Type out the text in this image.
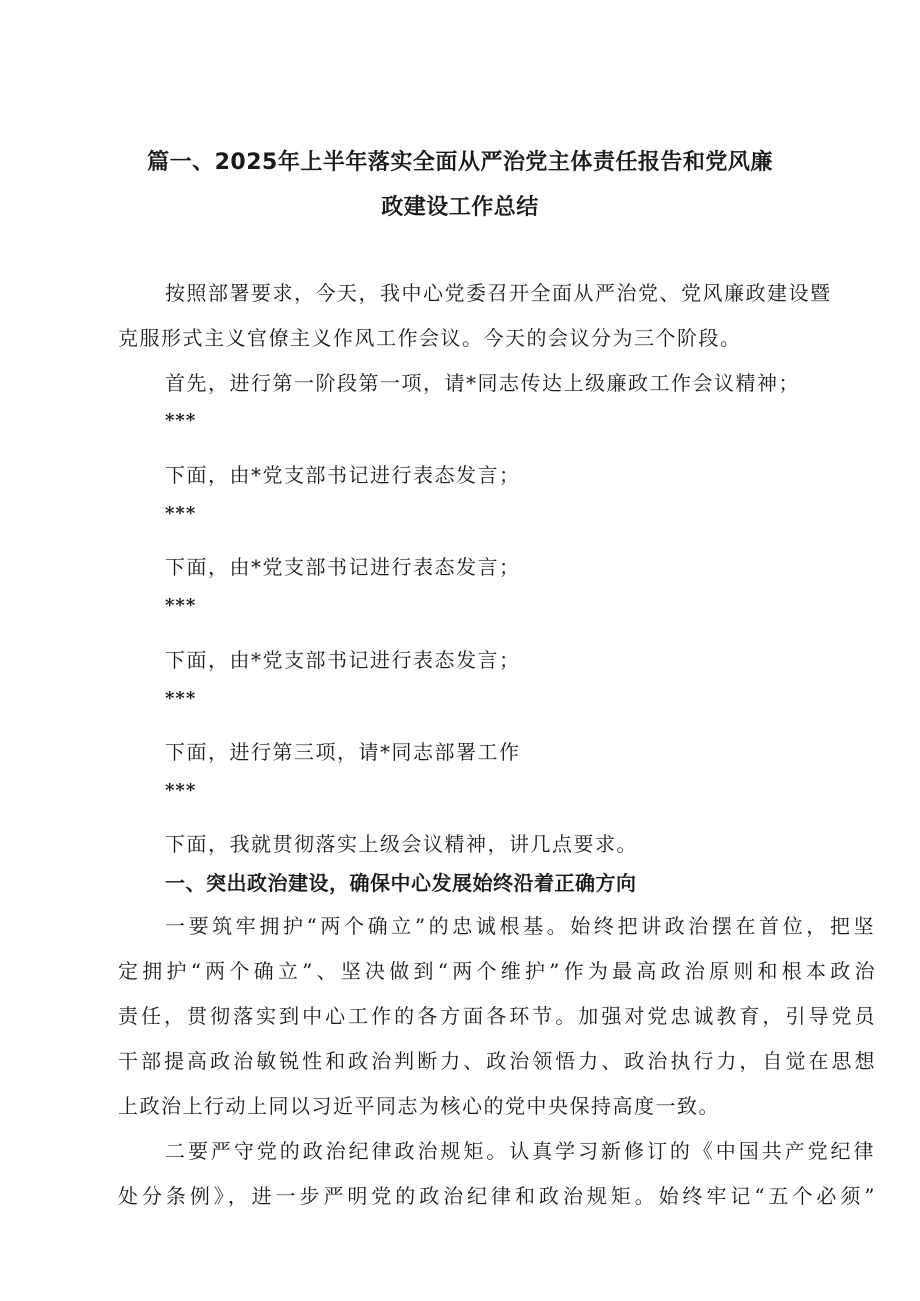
篇一、2025年上半年落实全面从严治党主体责任报告和党风廉
政建设工作总结
按照部署要求，今天，我中心党委召开全面从严治党、党风廉政建设暨
克服形式主义官僚主义作风工作会议。今天的会议分为三个阶段。
首先，进行第一阶段第一项，请*同志传达上级廉政工作会议精神；
***
下面，由*党支部书记进行表态发言；
***
下面，由*党支部书记进行表态发言；
***
下面，由*党支部书记进行表态发言；
***
下面，进行第三项，请*同志部署工作
***
下面，我就贯彻落实上级会议精神，讲几点要求。
一、突出政治建设，确保中心发展始终沿着正确方向
一要筑牢拥护“两个确立”的忠诚根基。始终把讲政治摆在首位，把坚
定拥护“两个确立”、坚决做到“两个维护”作为最高政治原则和根本政治
责任，贯彻落实到中心工作的各方面各环节。加强对党忠诚教育，引导党员
干部提高政治敏锐性和政治判断力、政治领悟力、政治执行力，自觉在思想
上政治上行动上同以习近平同志为核心的党中央保持高度一致。
二要严守党的政治纪律政治规矩。认真学习新修订的《中国共产党纪律
处分条例》，进一步严明党的政治纪律和政治规矩。始终牢记“五个必须”
